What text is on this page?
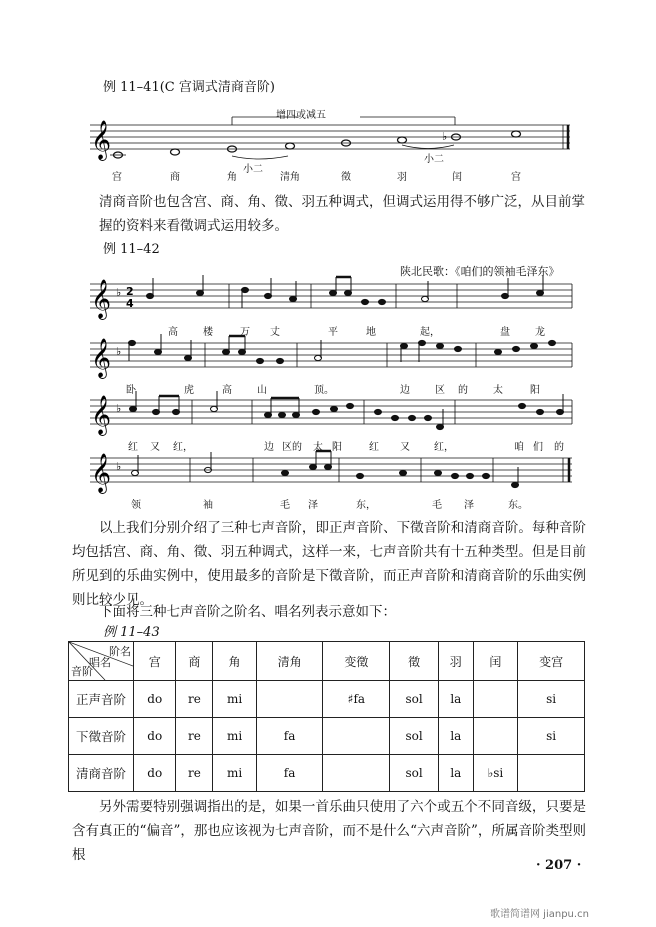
例 11–41(C 宫调式清商音阶)
𝄞	♭
增四或减五
小二
小二
宫	商	角	清角	徵	羽	闰	宫
清商音阶也包含宫、商、角、徵、羽五种调式，但调式运用得不够广泛，从目前掌握的资料来看徵调式运用较多。
例 11–42
陕北民歌：《咱们的领袖毛泽东》
𝄞
𝄞
𝄞
𝄞
♭
♭
♭
♭
2
4
高	楼	万 丈	平	地	起，	盘	龙
卧	虎	高	山	顶。	边	区 的	太	阳
红 又 红，	边 区的 太 阳	红 又 红，	咱 们 的
领	袖	毛 泽	东，	毛 泽	东。
以上我们分别介绍了三种七声音阶，即正声音阶、下徵音阶和清商音阶。每种音阶均包括宫、商、角、徵、羽五种调式，这样一来，七声音阶共有十五种类型。但是目前所见到的乐曲实例中，使用最多的音阶是下徵音阶，而正声音阶和清商音阶的乐曲实例则比较少见。
下面将三种七声音阶之阶名、唱名列表示意如下：
例 11–43
阶名
唱名
音阶	宫	商	角	清角	变徵	徵	羽	闰	变宫
正声音阶	do	re	mi		♯fa	sol	la		si
下徵音阶	do	re	mi	fa		sol	la		si
清商音阶	do	re	mi	fa		sol	la	♭si	
另外需要特别强调指出的是，如果一首乐曲只使用了六个或五个不同音级，只要是含有真正的“偏音”，那也应该视为七声音阶，而不是什么“六声音阶”，所属音阶类型则根
· 207 ·
歌谱简谱网 jianpu.cn
